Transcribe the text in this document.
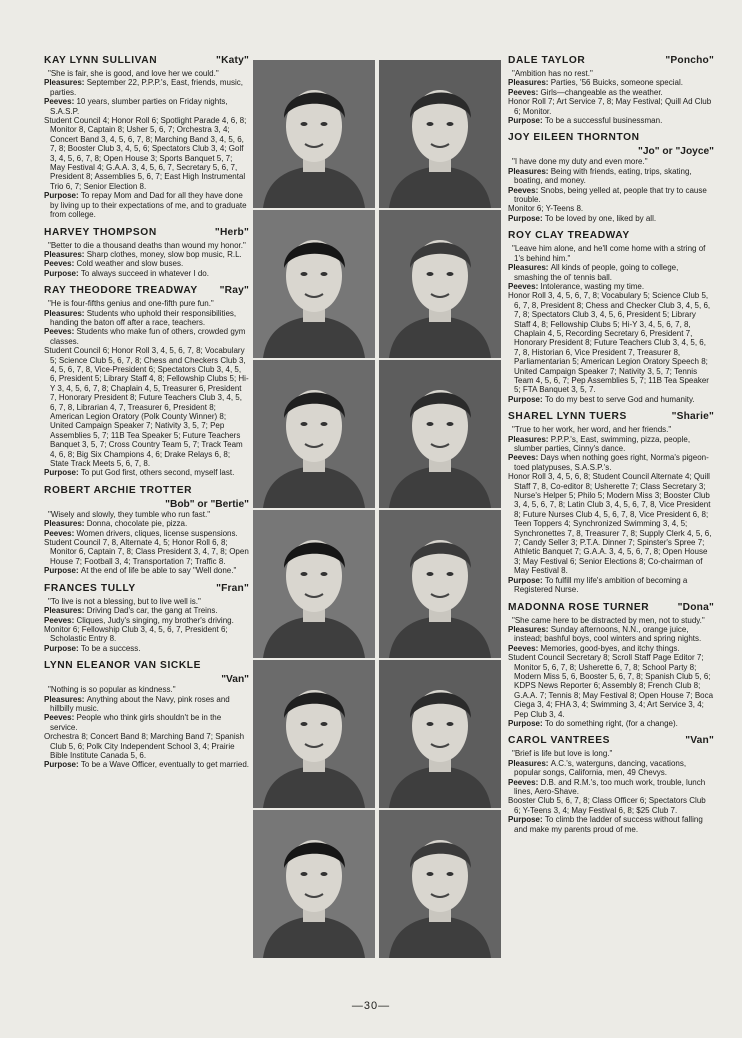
KAY LYNN SULLIVAN	"Katy"
"She is fair, she is good, and love her we could."
Pleasures: September 22, P.P.P.'s, East, friends, music, parties.
Peeves: 10 years, slumber parties on Friday nights, S.A.S.P.
Student Council 4; Honor Roll 6; Spotlight Parade 4, 6, 8; Monitor 8, Captain 8; Usher 5, 6, 7; Orchestra 3, 4; Concert Band 3, 4, 5, 6, 7, 8; Marching Band 3, 4, 5, 6, 7, 8; Booster Club 3, 4, 5, 6; Spectators Club 3, 4; Golf 3, 4, 5, 6, 7, 8; Open House 3; Sports Banquet 5, 7; May Festival 4; G.A.A. 3, 4, 5, 6, 7, Secretary 5, 6, 7, President 8; Assemblies 5, 6, 7; East High Instrumental Trio 6, 7; Senior Election 8.
Purpose: To repay Mom and Dad for all they have done by living up to their expectations of me, and to graduate from college.
HARVEY THOMPSON	"Herb"
"Better to die a thousand deaths than wound my honor."
Pleasures: Sharp clothes, money, slow bop music, R.L.
Peeves: Cold weather and slow buses.
Purpose: To always succeed in whatever I do.
RAY THEODORE TREADWAY "Ray"
"He is four-fifths genius and one-fifth pure fun."
Pleasures: Students who uphold their responsibilities, handing the baton off after a race, teachers.
Peeves: Students who make fun of others, crowded gym classes.
Student Council 6; Honor Roll 3, 4, 5, 6, 7, 8; Vocabulary 5; Science Club 5, 6, 7, 8; Chess and Checkers Club 3, 4, 5, 6, 7, 8, Vice-President 6; Spectators Club 3, 4, 5, 6, President 5; Library Staff 4, 8; Fellowship Clubs 5; Hi-Y 3, 4, 5, 6, 7, 8; Chaplain 4, 5, Treasurer 6, President 7, Honorary President 8; Future Teachers Club 3, 4, 5, 6, 7, 8, Librarian 4, 7, Treasurer 6, President 8; American Legion Oratory (Polk County Winner) 8; United Campaign Speaker 7; Nativity 3, 5, 7; Pep Assemblies 5, 7; 11B Tea Speaker 5; Future Teachers Banquet 3, 5, 7; Cross Country Team 5, 7; Track Team 4, 6, 8; Big Six Champions 4, 6; Drake Relays 6, 8; State Track Meets 5, 6, 7, 8.
Purpose: To put God first, others second, myself last.
ROBERT ARCHIE TROTTER
"Bob" or "Bertie"
"Wisely and slowly, they tumble who run fast."
Pleasures: Donna, chocolate pie, pizza.
Peeves: Women drivers, cliques, license suspensions.
Student Council 7, 8, Alternate 4, 5; Honor Roll 6, 8; Monitor 6, Captain 7, 8; Class President 3, 4, 7, 8; Open House 7; Football 3, 4; Transportation 7; Traffic 8.
Purpose: At the end of life be able to say "Well done."
FRANCES TULLY	"Fran"
"To live is not a blessing, but to live well is."
Pleasures: Driving Dad's car, the gang at Treins.
Peeves: Cliques, Judy's singing, my brother's driving.
Monitor 6; Fellowship Club 3, 4, 5, 6, 7, President 6; Scholastic Entry 8.
Purpose: To be a success.
LYNN ELEANOR VAN SICKLE
"Van"
"Nothing is so popular as kindness."
Pleasures: Anything about the Navy, pink roses and hillbilly music.
Peeves: People who think girls shouldn't be in the service.
Orchestra 8; Concert Band 8; Marching Band 7; Spanish Club 5, 6; Polk City Independent School 3, 4; Prairie Bible Institute Canada 5, 6.
Purpose: To be a Wave Officer, eventually to get married.
DALE TAYLOR	"Poncho"
"Ambition has no rest."
Pleasures: Parties, '56 Buicks, someone special.
Peeves: Girls—changeable as the weather.
Honor Roll 7; Art Service 7, 8; May Festival; Quill Ad Club 6; Monitor.
Purpose: To be a successful businessman.
JOY EILEEN THORNTON
"Jo" or "Joyce"
"I have done my duty and even more."
Pleasures: Being with friends, eating, trips, skating, boating, and money.
Peeves: Snobs, being yelled at, people that try to cause trouble.
Monitor 6; Y-Teens 8.
Purpose: To be loved by one, liked by all.
ROY CLAY TREADWAY
"Leave him alone, and he'll come home with a string of 1's behind him."
Pleasures: All kinds of people, going to college, smashing the ol' tennis ball.
Peeves: Intolerance, wasting my time.
Honor Roll 3, 4, 5, 6, 7, 8; Vocabulary 5; Science Club 5, 6, 7, 8, President 8; Chess and Checker Club 3, 4, 5, 6, 7, 8; Spectators Club 3, 4, 5, 6, President 5; Library Staff 4, 8; Fellowship Clubs 5; Hi-Y 3, 4, 5, 6, 7, 8, Chaplain 4, 5, Recording Secretary 6, President 7, Honorary President 8; Future Teachers Club 3, 4, 5, 6, 7, 8, Historian 6, Vice President 7, Treasurer 8, Parliamentarian 5; American Legion Oratory Speech 8; United Campaign Speaker 7; Nativity 3, 5, 7; Tennis Team 4, 5, 6, 7; Pep Assemblies 5, 7; 11B Tea Speaker 5; FTA Banquet 3, 5, 7.
Purpose: To do my best to serve God and humanity.
SHAREL LYNN TUERS	"Sharie"
"True to her work, her word, and her friends."
Pleasures: P.P.P.'s, East, swimming, pizza, people, slumber parties, Cinny's dance.
Peeves: Days when nothing goes right, Norma's pigeon-toed platypuses, S.A.S.P.'s.
Honor Roll 3, 4, 5, 6, 8; Student Council Alternate 4; Quill Staff 7, 8, Co-editor 8; Usherette 7; Class Secretary 3; Nurse's Helper 5; Philo 5; Modern Miss 3; Booster Club 3, 4, 5, 6, 7, 8; Latin Club 3, 4, 5, 6, 7, 8, Vice President 8; Future Nurses Club 4, 5, 6, 7, 8, Vice President 6, 8; Teen Toppers 4; Synchronized Swimming 3, 4, 5; Synchronettes 7, 8, Treasurer 7, 8; Supply Clerk 4, 5, 6, 7; Candy Seller 3; P.T.A. Dinner 7; Spinster's Spree 7; Athletic Banquet 7; G.A.A. 3, 4, 5, 6, 7, 8; Open House 3; May Festival 6; Senior Elections 8; Co-chairman of May Festival 8.
Purpose: To fulfill my life's ambition of becoming a Registered Nurse.
MADONNA ROSE TURNER	"Dona"
"She came here to be distracted by men, not to study."
Pleasures: Sunday afternoons, N.N., orange juice, instead; bashful boys, cool winters and spring nights.
Peeves: Memories, good-byes, and itchy things.
Student Council Secretary 8; Scroll Staff Page Editor 7; Monitor 5, 6, 7, 8; Usherette 6, 7, 8; School Party 8; Modern Miss 5, 6, Booster 5, 6, 7, 8; Spanish Club 5, 6; KDPS News Reporter 6; Assembly 8; French Club 8; G.A.A. 7; Tennis 8; May Festival 8; Open House 7; Boca Ciega 3, 4; FHA 3, 4; Swimming 3, 4; Art Service 3, 4; Pep Club 3, 4.
Purpose: To do something right, (for a change).
CAROL VANTREES	"Van"
"Brief is life but love is long."
Pleasures: A.C.'s, waterguns, dancing, vacations, popular songs, California, men, 49 Chevys.
Peeves: D.B. and R.M.'s, too much work, trouble, lunch lines, Aero-Shave.
Booster Club 5, 6, 7, 8; Class Officer 6; Spectators Club 6; Y-Teens 3, 4; May Festival 6, 8; $25 Club 7.
Purpose: To climb the ladder of success without falling and make my parents proud of me.
—30—
